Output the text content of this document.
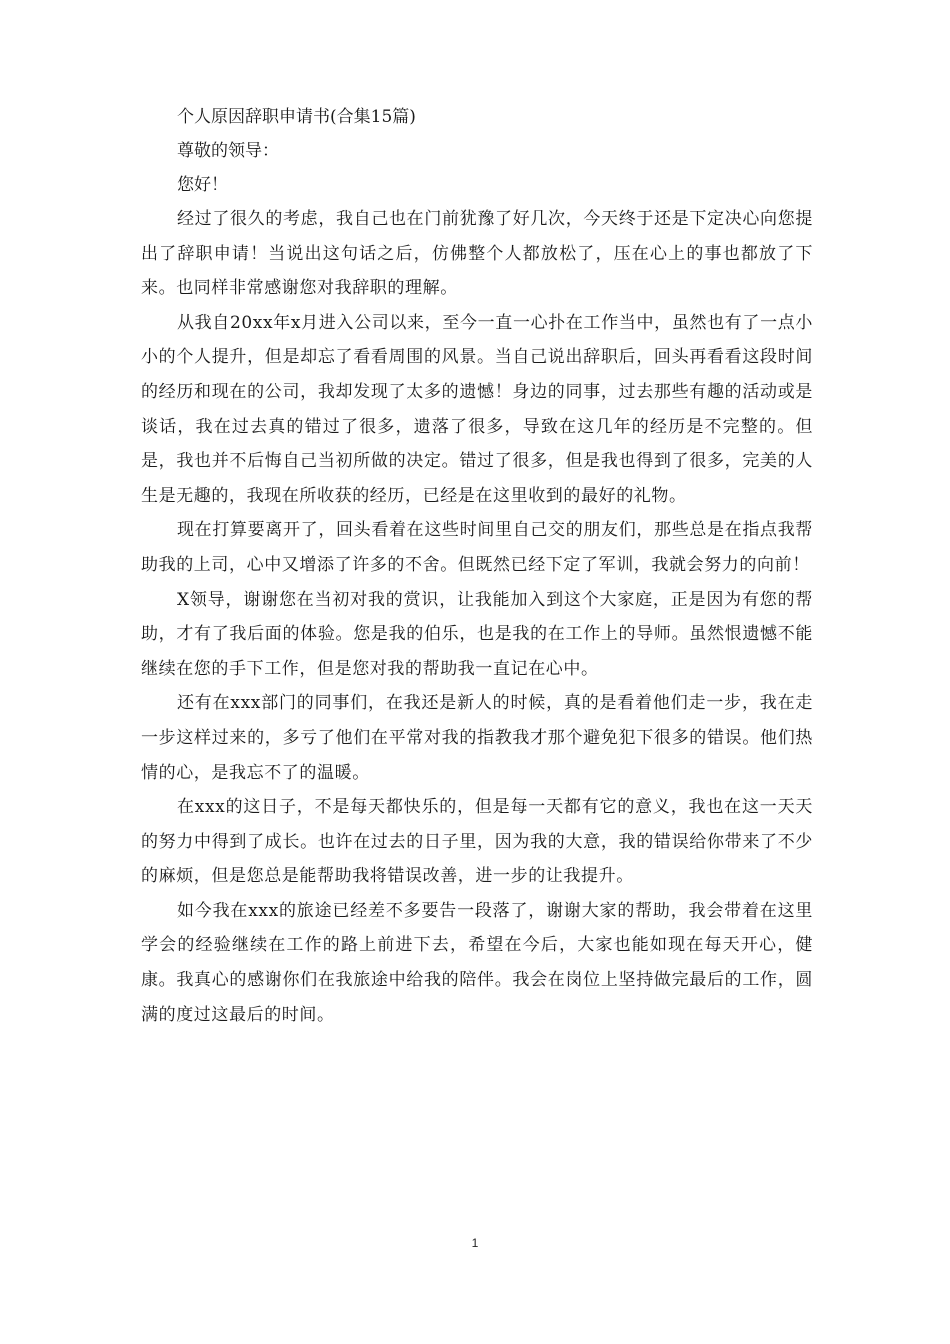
个人原因辞职申请书(合集15篇)

尊敬的领导：

您好！

经过了很久的考虑，我自己也在门前犹豫了好几次，今天终于还是下定决心向您提出了辞职申请！当说出这句话之后，仿佛整个人都放松了，压在心上的事也都放了下来。也同样非常感谢您对我辞职的理解。

从我自20xx年x月进入公司以来，至今一直一心扑在工作当中，虽然也有了一点小小的个人提升，但是却忘了看看周围的风景。当自己说出辞职后，回头再看看这段时间的经历和现在的公司，我却发现了太多的遗憾！身边的同事，过去那些有趣的活动或是谈话，我在过去真的错过了很多，遗落了很多，导致在这几年的经历是不完整的。但是，我也并不后悔自己当初所做的决定。错过了很多，但是我也得到了很多，完美的人生是无趣的，我现在所收获的经历，已经是在这里收到的最好的礼物。

现在打算要离开了，回头看着在这些时间里自己交的朋友们，那些总是在指点我帮助我的上司，心中又增添了许多的不舍。但既然已经下定了军训，我就会努力的向前！

X领导，谢谢您在当初对我的赏识，让我能加入到这个大家庭，正是因为有您的帮助，才有了我后面的体验。您是我的伯乐，也是我的在工作上的导师。虽然恨遗憾不能继续在您的手下工作，但是您对我的帮助我一直记在心中。

还有在xxx部门的同事们，在我还是新人的时候，真的是看着他们走一步，我在走一步这样过来的，多亏了他们在平常对我的指教我才那个避免犯下很多的错误。他们热情的心，是我忘不了的温暖。

在xxx的这日子，不是每天都快乐的，但是每一天都有它的意义，我也在这一天天的努力中得到了成长。也许在过去的日子里，因为我的大意，我的错误给你带来了不少的麻烦，但是您总是能帮助我将错误改善，进一步的让我提升。

如今我在xxx的旅途已经差不多要告一段落了，谢谢大家的帮助，我会带着在这里学会的经验继续在工作的路上前进下去，希望在今后，大家也能如现在每天开心，健康。我真心的感谢你们在我旅途中给我的陪伴。我会在岗位上坚持做完最后的工作，圆满的度过这最后的时间。

1
